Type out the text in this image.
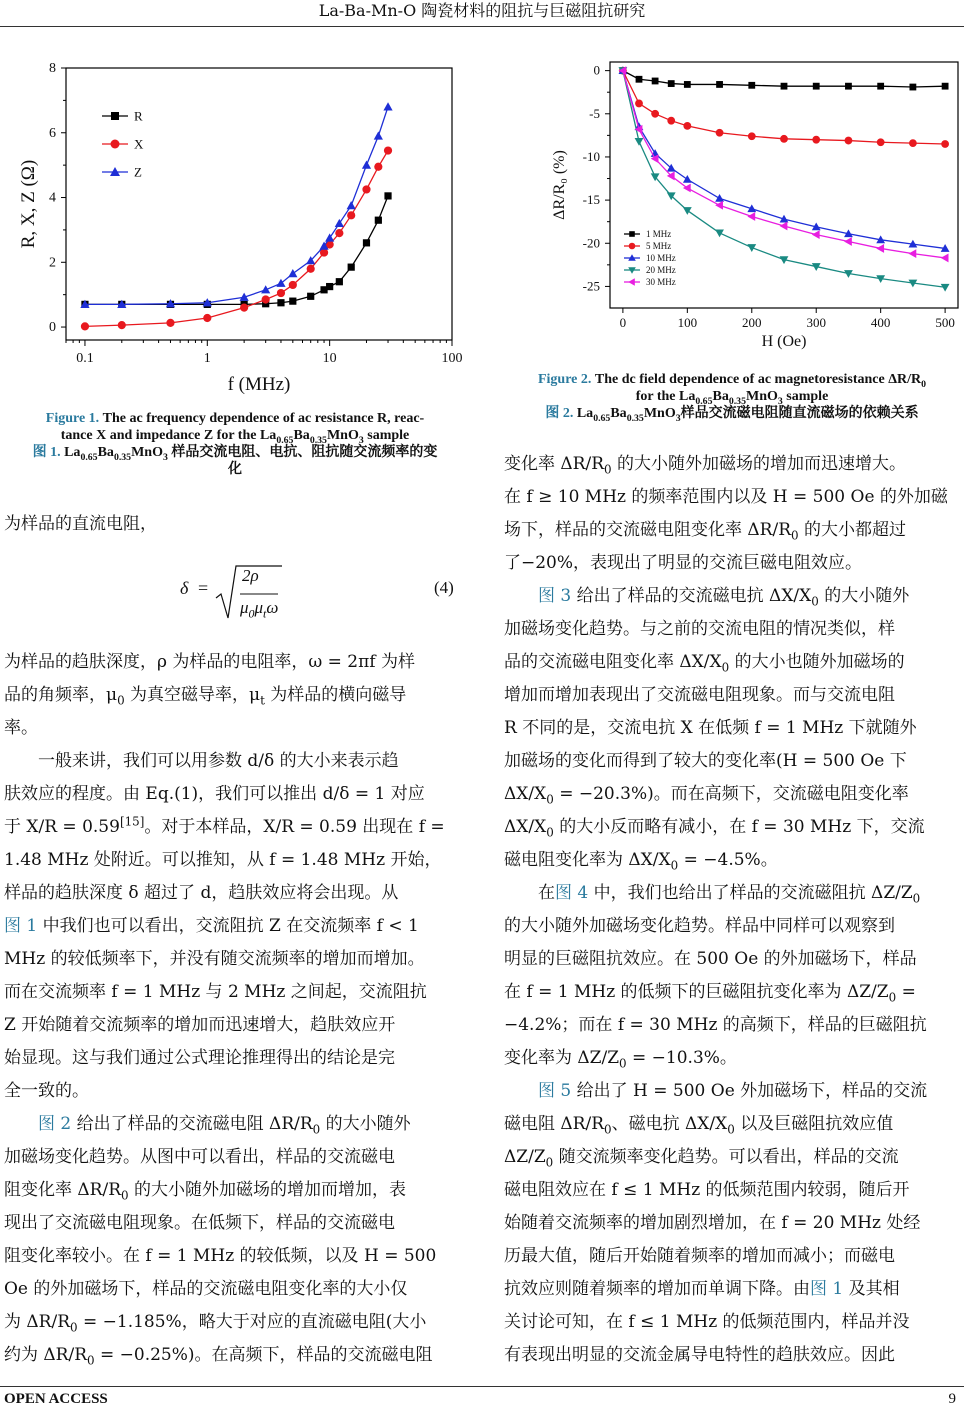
La-Ba-Mn-O 陶瓷材料的阻抗与巨磁阻抗研究
OPEN ACCESS	9
0.1	1	10	100
0
2
4
6
8
f (MHz)
R, X, Z (Ω)
R
X
Z
Figure 1. The ac frequency dependence of ac resistance R, reac-
tance X and impedance Z for the $La_{0.65}Ba_{0.35}MnO_3$ sample
图 1. $La_{0.65}Ba_{0.35}MnO_3$ 样品交流电阻、电抗、阻抗随交流频率的变
化
0	100	200	300	400	500
0
-5
-10
-15
-20
-25
H (Oe)
ΔR/R₀ (%)
1 MHz
5 MHz
10 MHz
20 MHz
30 MHz
Figure 2. The dc field dependence of ac magnetoresistance $\Delta R/R_0$
for the $La_{0.65}Ba_{0.35}MnO_3$ sample
图 2. $La_{0.65}Ba_{0.35}MnO_3$样品交流磁电阻随直流磁场的依赖关系
为样品的直流电阻，
δ =
2ρ
$\mu_0\mu_t\omega$
(4)
为样品的趋肤深度，ρ 为样品的电阻率，ω = 2πf 为样
品的角频率，$\mu_0$ 为真空磁导率，$\mu_t$ 为样品的横向磁导
率。
一般来讲，我们可以用参数 d/δ 的大小来表示趋
肤效应的程度。由 Eq.(1)，我们可以推出 d/δ = 1 对应
于 X/R = 0.59[15]。对于本样品，X/R = 0.59 出现在 f =
1.48 MHz 处附近。可以推知，从 f = 1.48 MHz 开始，
样品的趋肤深度 δ 超过了 d，趋肤效应将会出现。从
图 1 中我们也可以看出，交流阻抗 Z 在交流频率 f < 1
MHz 的较低频率下，并没有随交流频率的增加而增加。
而在交流频率 f = 1 MHz 与 2 MHz 之间起，交流阻抗
Z 开始随着交流频率的增加而迅速增大，趋肤效应开
始显现。这与我们通过公式理论推理得出的结论是完
全一致的。
图 2 给出了样品的交流磁电阻 $\Delta R/R_0$ 的大小随外
加磁场变化趋势。从图中可以看出，样品的交流磁电
阻变化率 $\Delta R/R_0$ 的大小随外加磁场的增加而增加，表
现出了交流磁电阻现象。在低频下，样品的交流磁电
阻变化率较小。在 f = 1 MHz 的较低频，以及 H = 500
Oe 的外加磁场下，样品的交流磁电阻变化率的大小仅
为 $\Delta R/R_0 = -1.185\%$，略大于对应的直流磁电阻(大小
约为 $\Delta R/R_0 = -0.25\%$)。在高频下，样品的交流磁电阻
变化率 $\Delta R/R_0$ 的大小随外加磁场的增加而迅速增大。
在 f ≥ 10 MHz 的频率范围内以及 H = 500 Oe 的外加磁
场下，样品的交流磁电阻变化率 $\Delta R/R_0$ 的大小都超过
了−20%，表现出了明显的交流巨磁电阻效应。
图 3 给出了样品的交流磁电抗 $\Delta X/X_0$ 的大小随外
加磁场变化趋势。与之前的交流电阻的情况类似，样
品的交流磁电阻变化率 $\Delta X/X_0$ 的大小也随外加磁场的
增加而增加表现出了交流磁电阻现象。而与交流电阻
R 不同的是，交流电抗 X 在低频 f = 1 MHz 下就随外
加磁场的变化而得到了较大的变化率(H = 500 Oe 下
$\Delta X/X_0 = -20.3\%$)。而在高频下，交流磁电阻变化率
$\Delta X/X_0$ 的大小反而略有减小，在 f = 30 MHz 下，交流
磁电阻变化率为 $\Delta X/X_0 = -4.5\%$。
在图 4 中，我们也给出了样品的交流磁阻抗 $\Delta Z/Z_0$
的大小随外加磁场变化趋势。样品中同样可以观察到
明显的巨磁阻抗效应。在 500 Oe 的外加磁场下，样品
在 f = 1 MHz 的低频下的巨磁阻抗变化率为 $\Delta Z/Z_0$ =
−4.2%；而在 f = 30 MHz 的高频下，样品的巨磁阻抗
变化率为 $\Delta Z/Z_0 = -10.3\%$。
图 5 给出了 H = 500 Oe 外加磁场下，样品的交流
磁电阻 $\Delta R/R_0$、磁电抗 $\Delta X/X_0$ 以及巨磁阻抗效应值
$\Delta Z/Z_0$ 随交流频率变化趋势。可以看出，样品的交流
磁电阻效应在 f ≤ 1 MHz 的低频范围内较弱，随后开
始随着交流频率的增加剧烈增加，在 f = 20 MHz 处经
历最大值，随后开始随着频率的增加而减小；而磁电
抗效应则随着频率的增加而单调下降。由图 1 及其相
关讨论可知，在 f ≤ 1 MHz 的低频范围内，样品并没
有表现出明显的交流金属导电特性的趋肤效应。因此
